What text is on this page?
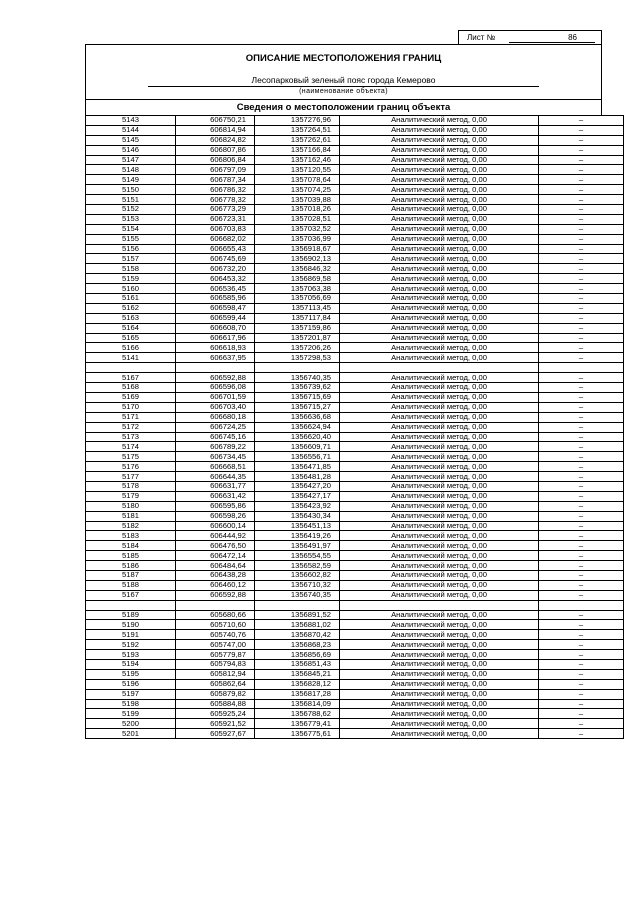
Лист №	86
ОПИСАНИЕ МЕСТОПОЛОЖЕНИЯ ГРАНИЦ
Лесопарковый зеленый пояс города Кемерово
(наименование объекта)
Сведения о местоположении границ объекта
5143	606750,21	1357276,96	Аналитический метод, 0,00	–
5144	606814,94	1357264,51	Аналитический метод, 0,00	–
5145	606824,82	1357262,61	Аналитический метод, 0,00	–
5146	606807,86	1357166,84	Аналитический метод, 0,00	–
5147	606806,84	1357162,46	Аналитический метод, 0,00	–
5148	606797,09	1357120,55	Аналитический метод, 0,00	–
5149	606787,34	1357078,64	Аналитический метод, 0,00	–
5150	606786,32	1357074,25	Аналитический метод, 0,00	–
5151	606778,32	1357039,88	Аналитический метод, 0,00	–
5152	606773,29	1357018,26	Аналитический метод, 0,00	–
5153	606723,31	1357028,51	Аналитический метод, 0,00	–
5154	606703,83	1357032,52	Аналитический метод, 0,00	–
5155	606682,02	1357036,99	Аналитический метод, 0,00	–
5156	606655,43	1356918,67	Аналитический метод, 0,00	–
5157	606745,69	1356902,13	Аналитический метод, 0,00	–
5158	606732,20	1356846,32	Аналитический метод, 0,00	–
5159	606453,32	1356869,58	Аналитический метод, 0,00	–
5160	606536,45	1357063,38	Аналитический метод, 0,00	–
5161	606585,96	1357056,69	Аналитический метод, 0,00	–
5162	606598,47	1357113,45	Аналитический метод, 0,00	–
5163	606599,44	1357117,84	Аналитический метод, 0,00	–
5164	606608,70	1357159,86	Аналитический метод, 0,00	–
5165	606617,96	1357201,87	Аналитический метод, 0,00	–
5166	606618,93	1357206,26	Аналитический метод, 0,00	–
5141	606637,95	1357298,53	Аналитический метод, 0,00	–

5167	606592,88	1356740,35	Аналитический метод, 0,00	–
5168	606596,08	1356739,62	Аналитический метод, 0,00	–
5169	606701,59	1356715,69	Аналитический метод, 0,00	–
5170	606703,40	1356715,27	Аналитический метод, 0,00	–
5171	606680,18	1356636,68	Аналитический метод, 0,00	–
5172	606724,25	1356624,94	Аналитический метод, 0,00	–
5173	606745,16	1356620,40	Аналитический метод, 0,00	–
5174	606789,22	1356609,71	Аналитический метод, 0,00	–
5175	606734,45	1356556,71	Аналитический метод, 0,00	–
5176	606668,51	1356471,85	Аналитический метод, 0,00	–
5177	606644,35	1356481,28	Аналитический метод, 0,00	–
5178	606631,77	1356427,20	Аналитический метод, 0,00	–
5179	606631,42	1356427,17	Аналитический метод, 0,00	–
5180	606595,86	1356423,92	Аналитический метод, 0,00	–
5181	606598,26	1356430,34	Аналитический метод, 0,00	–
5182	606600,14	1356451,13	Аналитический метод, 0,00	–
5183	606444,92	1356419,26	Аналитический метод, 0,00	–
5184	606476,50	1356491,97	Аналитический метод, 0,00	–
5185	606472,14	1356554,55	Аналитический метод, 0,00	–
5186	606484,64	1356582,59	Аналитический метод, 0,00	–
5187	606438,28	1356602,82	Аналитический метод, 0,00	–
5188	606460,12	1356710,32	Аналитический метод, 0,00	–
5167	606592,88	1356740,35	Аналитический метод, 0,00	–

5189	605680,66	1356891,52	Аналитический метод, 0,00	–
5190	605710,60	1356881,02	Аналитический метод, 0,00	–
5191	605740,76	1356870,42	Аналитический метод, 0,00	–
5192	605747,00	1356868,23	Аналитический метод, 0,00	–
5193	605779,87	1356856,69	Аналитический метод, 0,00	–
5194	605794,83	1356851,43	Аналитический метод, 0,00	–
5195	605812,94	1356845,21	Аналитический метод, 0,00	–
5196	605862,64	1356828,12	Аналитический метод, 0,00	–
5197	605879,82	1356817,28	Аналитический метод, 0,00	–
5198	605884,88	1356814,09	Аналитический метод, 0,00	–
5199	605925,24	1356788,62	Аналитический метод, 0,00	–
5200	605921,52	1356779,41	Аналитический метод, 0,00	–
5201	605927,67	1356775,61	Аналитический метод, 0,00	–
